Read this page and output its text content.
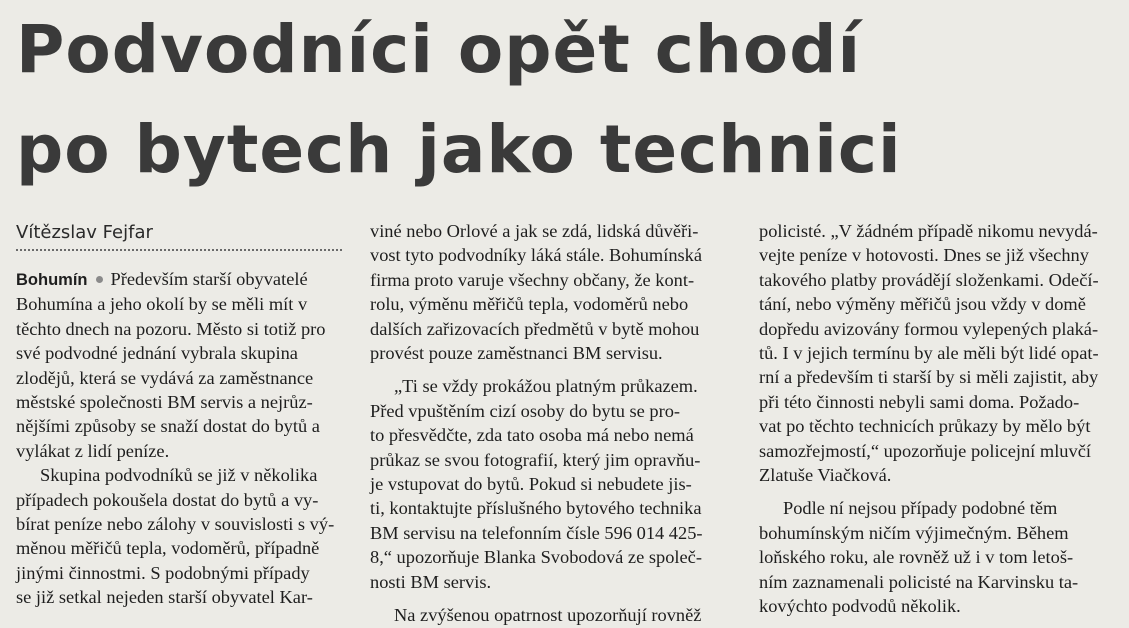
Podvodníci opět chodí
po bytech jako technici
Vítězslav Fejfar

Bohumín Především starší obyvatelé
Bohumína a jeho okolí by se měli mít v
těchto dnech na pozoru. Město si totiž pro
své podvodné jednání vybrala skupina
zlodějů, která se vydává za zaměstnance
městské společnosti BM servis a nejrůz-
nějšími způsoby se snaží dostat do bytů a
vylákat z lidí peníze.

Skupina podvodníků se již v několika
případech pokoušela dostat do bytů a vy-
bírat peníze nebo zálohy v souvislosti s vý-
měnou měřičů tepla, vodoměrů, případně
jinými činnostmi. S podobnými případy
se již setkal nejeden starší obyvatel Kar-

viné nebo Orlové a jak se zdá, lidská důvěři-
vost tyto podvodníky láká stále. Bohumínská
firma proto varuje všechny občany, že kont-
rolu, výměnu měřičů tepla, vodoměrů nebo
dalších zařizovacích předmětů v bytě mohou
provést pouze zaměstnanci BM servisu.

„Ti se vždy prokážou platným průkazem.
Před vpuštěním cizí osoby do bytu se pro-
to přesvědčte, zda tato osoba má nebo nemá
průkaz se svou fotografií, který jim opravňu-
je vstupovat do bytů. Pokud si nebudete jis-
ti, kontaktujte příslušného bytového technika
BM servisu na telefonním čísle 596 014 425-
8,“ upozorňuje Blanka Svobodová ze společ-
nosti BM servis.

Na zvýšenou opatrnost upozorňují rovněž

policisté. „V žádném případě nikomu nevydá-
vejte peníze v hotovosti. Dnes se již všechny
takového platby provádějí složenkami. Odečí-
tání, nebo výměny měřičů jsou vždy v domě
dopředu avizovány formou vylepených plaká-
tů. I v jejich termínu by ale měli být lidé opat-
rní a především ti starší by si měli zajistit, aby
při této činnosti nebyli sami doma. Požado-
vat po těchto technicích průkazy by mělo být
samozřejmostí,“ upozorňuje policejní mluvčí
Zlatuše Viačková.

Podle ní nejsou případy podobné těm
bohumínským ničím výjimečným. Během
loňského roku, ale rovněž už i v tom letoš-
ním zaznamenali policisté na Karvinsku ta-
kovýchto podvodů několik.
